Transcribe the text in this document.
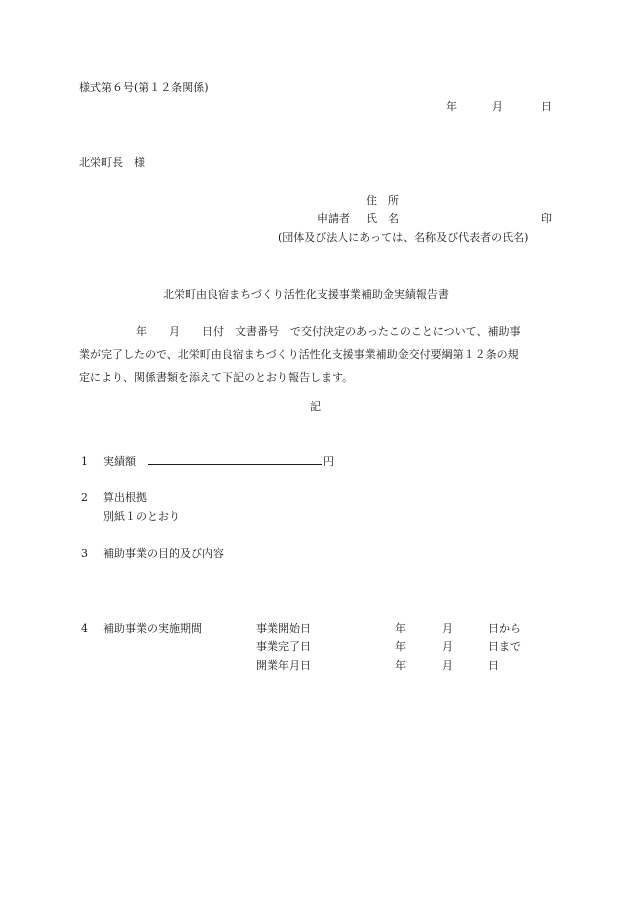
様式第６号(第１２条関係)
年	月	日
北栄町長　様
住　所
申請者 氏　名	印
(団体及び法人にあっては、名称及び代表者の氏名)
北栄町由良宿まちづくり活性化支援事業補助金実績報告書
年　　月　　日付　文書番号　で交付決定のあったこのことについて、補助事
業が完了したので、北栄町由良宿まちづくり活性化支援事業補助金交付要綱第１２条の規
定により、関係書類を添えて下記のとおり報告します。
記
1 実績額	円
2 算出根拠
別紙１のとおり
3 補助事業の目的及び内容
4 補助事業の実施期間	事業開始日	年	月	日から
事業完了日	年	月	日まで
開業年月日	年	月	日
